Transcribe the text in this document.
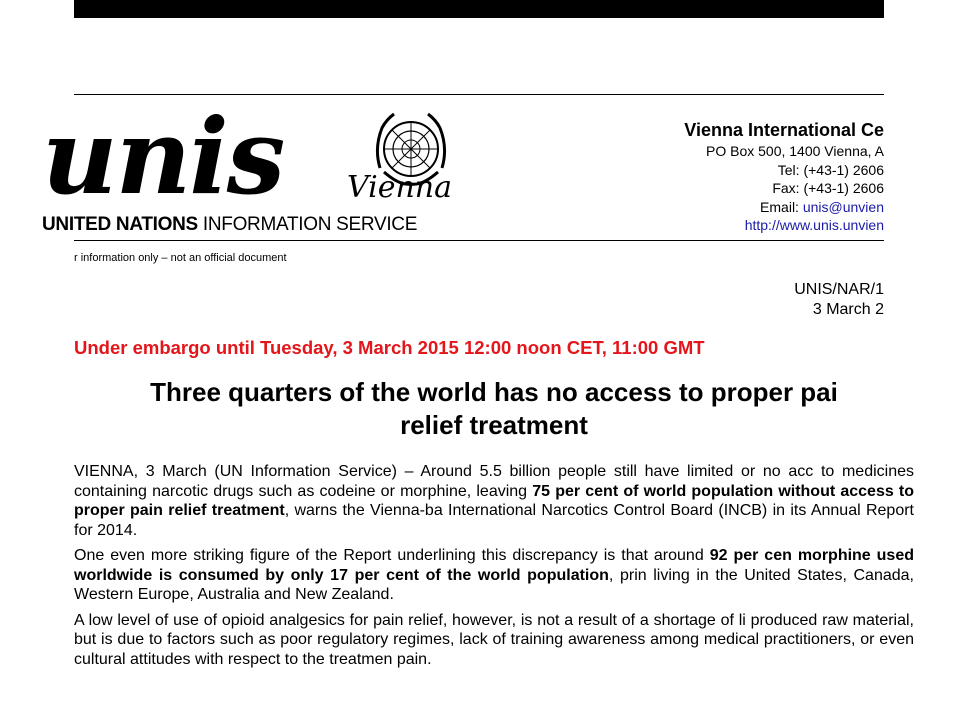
unis Vienna
UNITED NATIONS INFORMATION SERVICE
Vienna International Ce
PO Box 500, 1400 Vienna, A
Tel: (+43-1) 2606
Fax: (+43-1) 2606
Email: unis@unvien
http://www.unis.unvien
r information only – not an official document
UNIS/NAR/1
3 March 2
Under embargo until Tuesday, 3 March 2015 12:00 noon CET, 11:00 GMT
Three quarters of the world has no access to proper pai
relief treatment

VIENNA, 3 March (UN Information Service) – Around 5.5 billion people still have limited or no acc to medicines containing narcotic drugs such as codeine or morphine, leaving 75 per cent of world population without access to proper pain relief treatment, warns the Vienna-ba International Narcotics Control Board (INCB) in its Annual Report for 2014.

One even more striking figure of the Report underlining this discrepancy is that around 92 per cen morphine used worldwide is consumed by only 17 per cent of the world population, prin living in the United States, Canada, Western Europe, Australia and New Zealand.

A low level of use of opioid analgesics for pain relief, however, is not a result of a shortage of li produced raw material, but is due to factors such as poor regulatory regimes, lack of training awareness among medical practitioners, or even cultural attitudes with respect to the treatmen pain.
